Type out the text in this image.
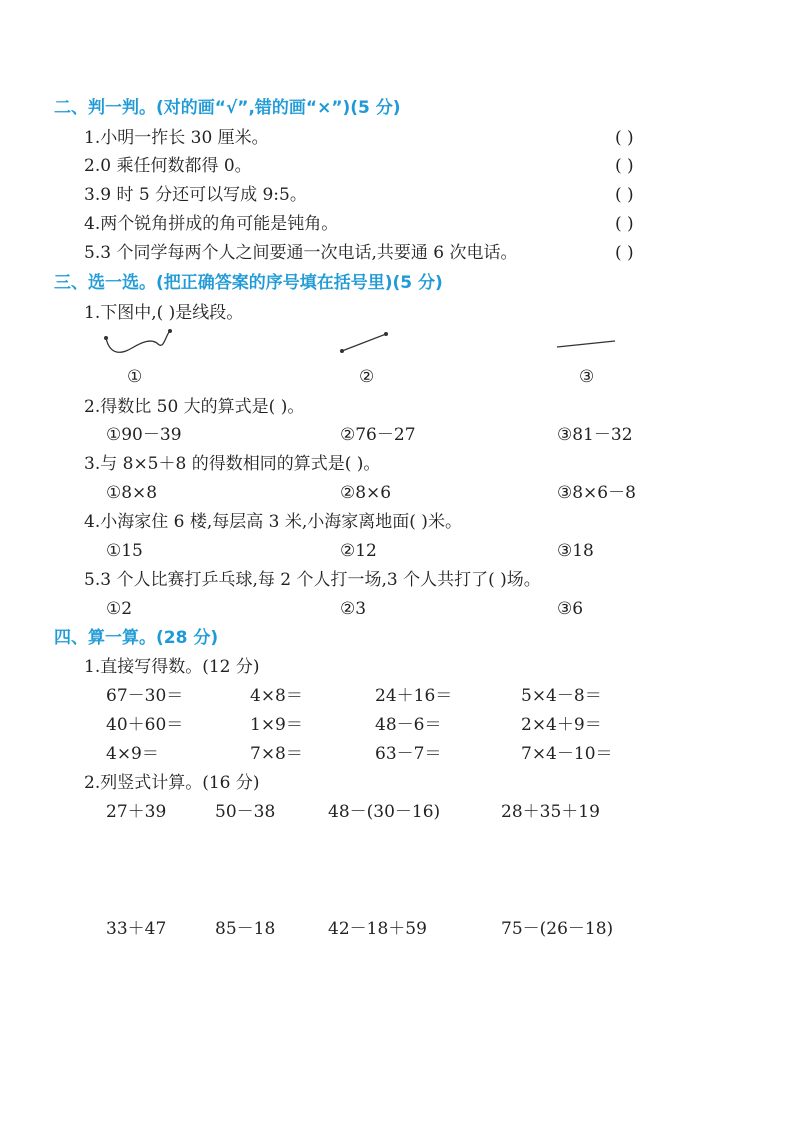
二、判一判。(对的画“√”,错的画“×”)(5 分)
1.小明一拃长 30 厘米。	( )
2.0 乘任何数都得 0。	( )
3.9 时 5 分还可以写成 9:5。	( )
4.两个锐角拼成的角可能是钝角。	( )
5.3 个同学每两个人之间要通一次电话,共要通 6 次电话。	( )
三、选一选。(把正确答案的序号填在括号里)(5 分)
1.下图中,( )是线段。
①	②	③
2.得数比 50 大的算式是( )。
①90－39	②76－27	③81－32
3.与 8×5＋8 的得数相同的算式是( )。
①8×8	②8×6	③8×6－8
4.小海家住 6 楼,每层高 3 米,小海家离地面( )米。
①15	②12	③18
5.3 个人比赛打乒乓球,每 2 个人打一场,3 个人共打了( )场。
①2	②3	③6
四、算一算。(28 分)
1.直接写得数。(12 分)
67－30＝	4×8＝	24＋16＝	5×4－8＝
40＋60＝	1×9＝	48－6＝	2×4＋9＝
4×9＝	7×8＝	63－7＝	7×4－10＝
2.列竖式计算。(16 分)
27＋39	50－38	48－(30－16)	28＋35＋19
33＋47	85－18	42－18＋59	75－(26－18)
